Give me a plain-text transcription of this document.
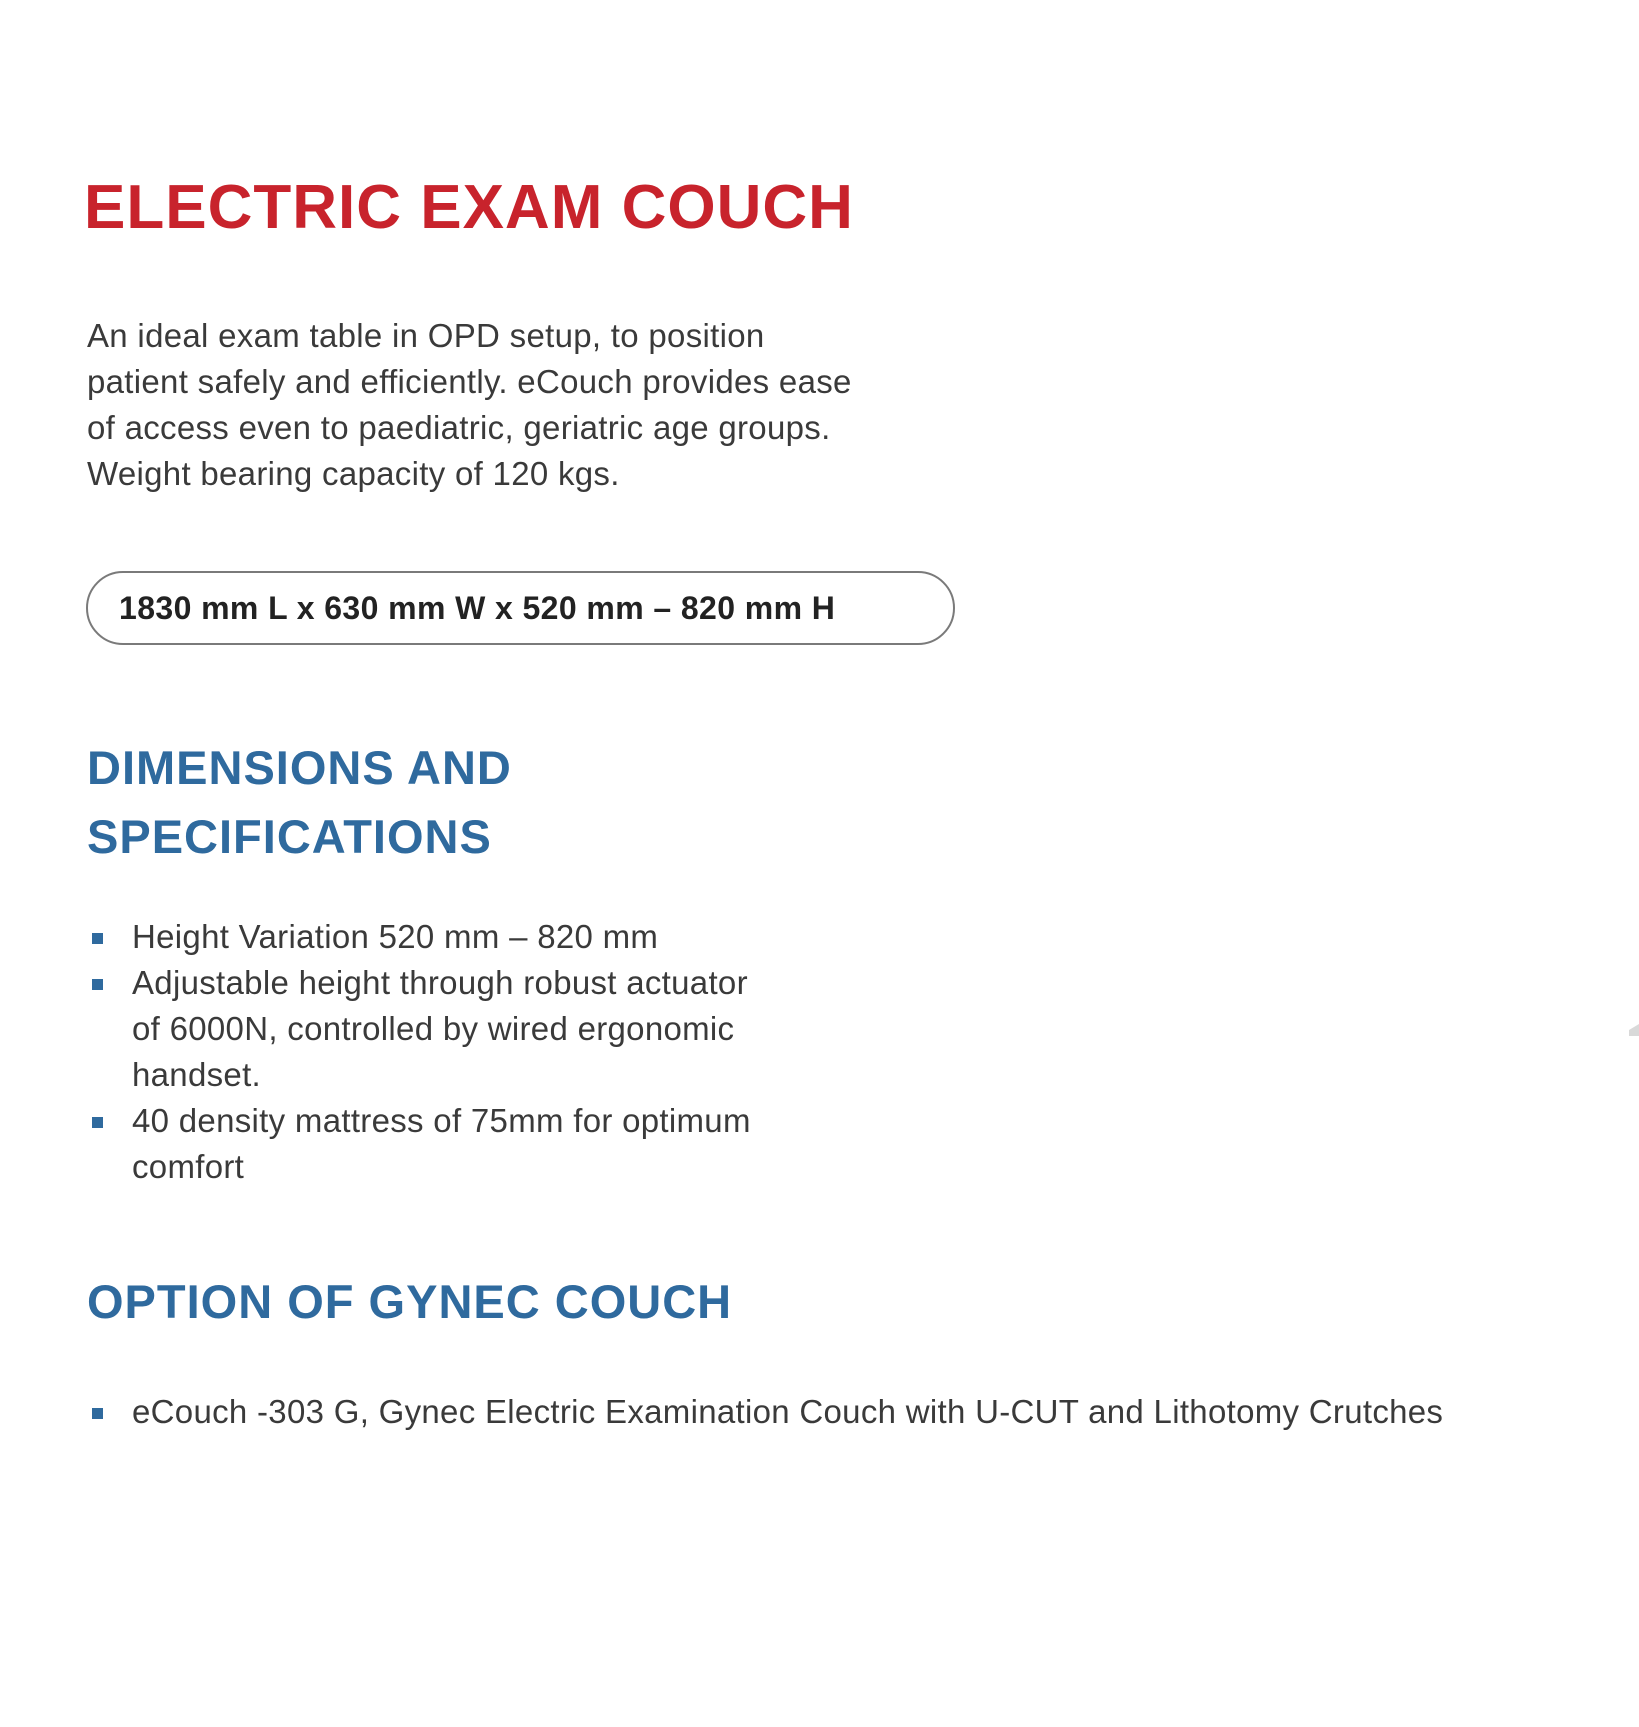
ELECTRIC EXAM COUCH

An ideal exam table in OPD setup, to position
patient safely and efficiently. eCouch provides ease
of access even to paediatric, geriatric age groups.
Weight bearing capacity of 120 kgs.

1830 mm L x 630 mm W x 520 mm – 820 mm H
DIMENSIONS AND
SPECIFICATIONS
Height Variation 520 mm – 820 mm
Adjustable height through robust actuator
of 6000N, controlled by wired ergonomic
handset.
40 density mattress of 75mm for optimum
comfort
OPTION OF GYNEC COUCH
eCouch -303 G, Gynec Electric Examination Couch with U-CUT and Lithotomy Crutches
